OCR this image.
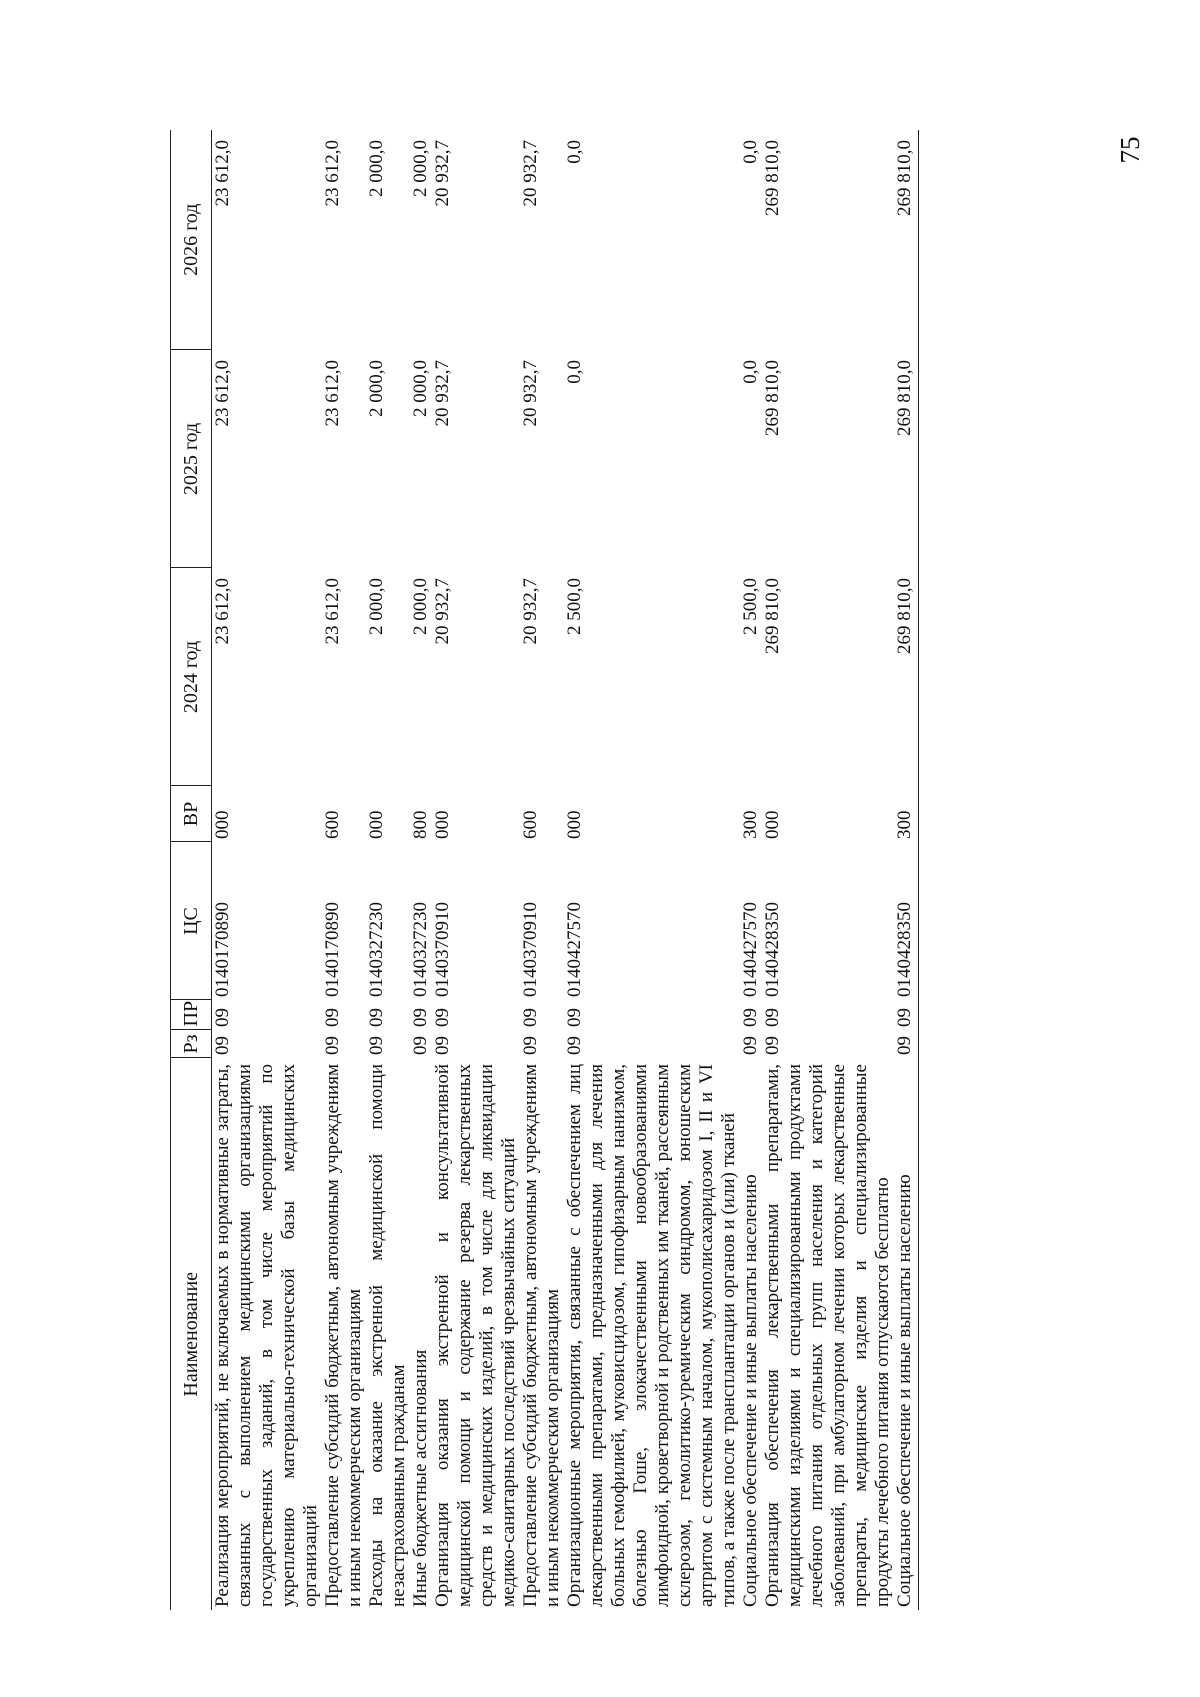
75
Наименование	Рз	ПР	ЦС	ВР	2024 год	2025 год	2026 год
Реализация мероприятий, не включаемых в нормативные затраты, связанных с выполнением медицинскими организациями государственных заданий, в том числе мероприятий по укреплению материально-технической базы медицинских организаций	09	09	0140170890	000	23 612,0	23 612,0	23 612,0
Предоставление субсидий бюджетным, автономным учреждениям и иным некоммерческим организациям	09	09	0140170890	600	23 612,0	23 612,0	23 612,0
Расходы на оказание экстренной медицинской помощи незастрахованным гражданам	09	09	0140327230	000	2 000,0	2 000,0	2 000,0
Иные бюджетные ассигнования	09	09	0140327230	800	2 000,0	2 000,0	2 000,0
Организация оказания экстренной и консультативной медицинской помощи и содержание резерва лекарственных средств и медицинских изделий, в том числе для ликвидации медико-санитарных последствий чрезвычайных ситуаций	09	09	0140370910	000	20 932,7	20 932,7	20 932,7
Предоставление субсидий бюджетным, автономным учреждениям и иным некоммерческим организациям	09	09	0140370910	600	20 932,7	20 932,7	20 932,7
Организационные мероприятия, связанные с обеспечением лиц лекарственными препаратами, предназначенными для лечения больных гемофилией, муковисцидозом, гипофизарным нанизмом, болезнью Гоше, злокачественными новообразованиями лимфоидной, кроветворной и родственных им тканей, рассеянным склерозом, гемолитико-уремическим синдромом, юношеским артритом с системным началом, мукополисахаридозом I, II и VI типов, а также после трансплантации органов и (или) тканей	09	09	0140427570	000	2 500,0	0,0	0,0
Социальное обеспечение и иные выплаты населению	09	09	0140427570	300	2 500,0	0,0	0,0
Организация обеспечения лекарственными препаратами, медицинскими изделиями и специализированными продуктами лечебного питания отдельных групп населения и категорий заболеваний, при амбулаторном лечении которых лекарственные препараты, медицинские изделия и специализированные продукты лечебного питания отпускаются бесплатно	09	09	0140428350	000	269 810,0	269 810,0	269 810,0
Социальное обеспечение и иные выплаты населению	09	09	0140428350	300	269 810,0	269 810,0	269 810,0
